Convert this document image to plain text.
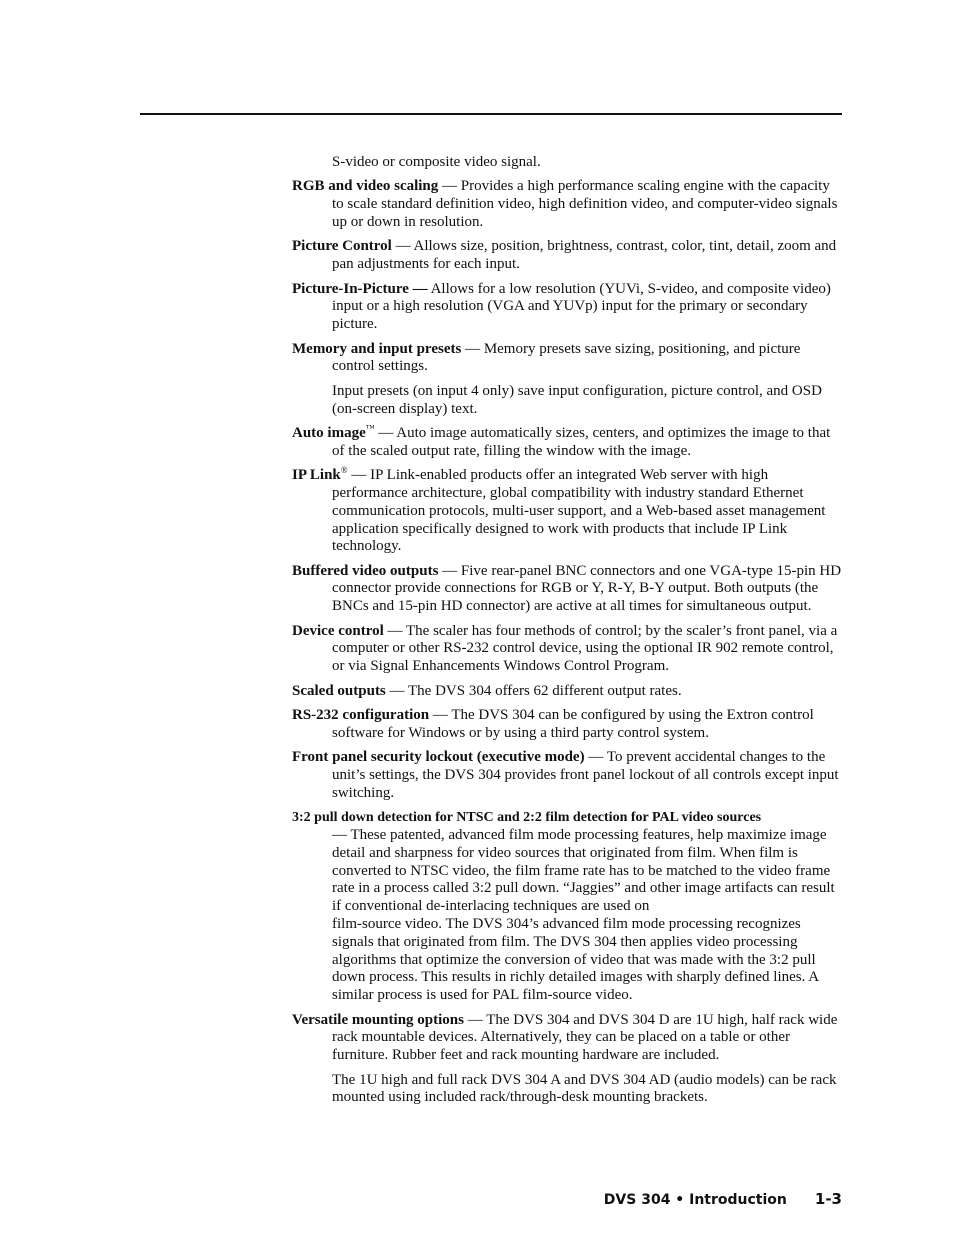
S-video or composite video signal.

RGB and video scaling — Provides a high performance scaling engine with the capacity to scale standard definition video, high definition video, and computer-video signals up or down in resolution.

Picture Control — Allows size, position, brightness, contrast, color, tint, detail, zoom and pan adjustments for each input.

Picture-In-Picture — Allows for a low resolution (YUVi, S-video, and composite video) input or a high resolution (VGA and YUVp) input for the primary or secondary picture.

Memory and input presets — Memory presets save sizing, positioning, and picture control settings.

Input presets (on input 4 only) save input configuration, picture control, and OSD (on-screen display) text.

Auto image™ — Auto image automatically sizes, centers, and optimizes the image to that of the scaled output rate, filling the window with the image.

IP Link® — IP Link-enabled products offer an integrated Web server with high performance architecture, global compatibility with industry standard Ethernet communication protocols, multi-user support, and a Web-based asset management application specifically designed to work with products that include IP Link technology.

Buffered video outputs — Five rear-panel BNC connectors and one VGA-type 15-pin HD connector provide connections for RGB or Y, R-Y, B-Y output. Both outputs (the BNCs and 15-pin HD connector) are active at all times for simultaneous output.

Device control — The scaler has four methods of control; by the scaler’s front panel, via a computer or other RS-232 control device, using the optional IR 902 remote control, or via Signal Enhancements Windows Control Program.

Scaled outputs — The DVS 304 offers 62 different output rates.

RS-232 configuration — The DVS 304 can be configured by using the Extron control software for Windows or by using a third party control system.

Front panel security lockout (executive mode) — To prevent accidental changes to the unit’s settings, the DVS 304 provides front panel lockout of all controls except input switching.

3:2 pull down detection for NTSC and 2:2 film detection for PAL video sources
— These patented, advanced film mode processing features, help maximize image detail and sharpness for video sources that originated from film. When film is converted to NTSC video, the film frame rate has to be matched to the video frame rate in a process called 3:2 pull down. “Jaggies” and other image artifacts can result if conventional de-interlacing techniques are used on
film-source video. The DVS 304’s advanced film mode processing recognizes signals that originated from film. The DVS 304 then applies video processing algorithms that optimize the conversion of video that was made with the 3:2 pull down process. This results in richly detailed images with sharply defined lines. A similar process is used for PAL film-source video.

Versatile mounting options — The DVS 304 and DVS 304 D are 1U high, half rack wide rack mountable devices. Alternatively, they can be placed on a table or other furniture. Rubber feet and rack mounting hardware are included.

The 1U high and full rack DVS 304 A and DVS 304 AD (audio models) can be rack mounted using included rack/through-desk mounting brackets.

DVS 304 • Introduction 1-3
